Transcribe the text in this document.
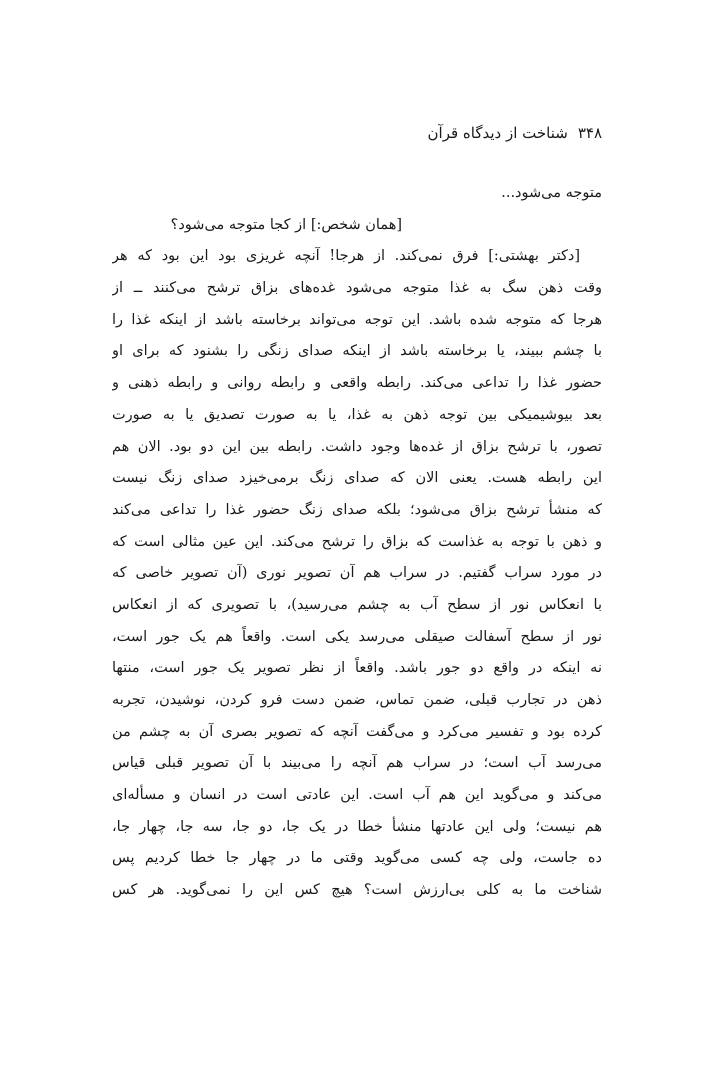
۳۴۸
شناخت از دیدگاه قرآن
متوجه می‌شود...
[همان شخص:] از کجا متوجه می‌شود؟
[دکتر بهشتی:] فرق نمی‌کند. از هرجا! آنچه غریزی بود این بود که هر
وقت ذهن سگ به غذا متوجه می‌شود غده‌های بزاق ترشح می‌کنند ــ از
هرجا که متوجه شده باشد. این توجه می‌تواند برخاسته باشد از اینکه غذا را
با چشم ببیند، یا برخاسته باشد از اینکه صدای زنگی را بشنود که برای او
حضور غذا را تداعی می‌کند. رابطه واقعی و رابطه روانی و رابطه ذهنی و
بعد بیوشیمیکی بین توجه ذهن به غذا، یا به صورت تصدیق یا به صورت
تصور، با ترشح بزاق از غده‌ها وجود داشت. رابطه بین این دو بود. الان هم
این رابطه هست. یعنی الان که صدای زنگ برمی‌خیزد صدای زنگ نیست
که منشأ ترشح بزاق می‌شود؛ بلکه صدای زنگ حضور غذا را تداعی می‌کند
و ذهن با توجه به غذاست که بزاق را ترشح می‌کند. این عین مثالی است که
در مورد سراب گفتیم. در سراب هم آن تصویر نوری (آن تصویر خاصی که
با انعکاس نور از سطح آب به چشم می‌رسید)، با تصویری که از انعکاس
نور از سطح آسفالت صیقلی می‌رسد یکی است. واقعاً هم یک جور است،
نه اینکه در واقع دو جور باشد. واقعاً از نظر تصویر یک جور است، منتها
ذهن در تجارب قبلی، ضمن تماس، ضمن دست فرو کردن، نوشیدن، تجربه
کرده بود و تفسیر می‌کرد و می‌گفت آنچه که تصویر بصری آن به چشم من
می‌رسد آب است؛ در سراب هم آنچه را می‌بیند با آن تصویر قبلی قیاس
می‌کند و می‌گوید این هم آب است. این عادتی است در انسان و مسأله‌ای
هم نیست؛ ولی این عادتها منشأ خطا در یک جا، دو جا، سه جا، چهار جا،
ده جاست، ولی چه کسی می‌گوید وقتی ما در چهار جا خطا کردیم پس
شناخت ما به کلی بی‌ارزش است؟ هیچ کس این را نمی‌گوید. هر کس
